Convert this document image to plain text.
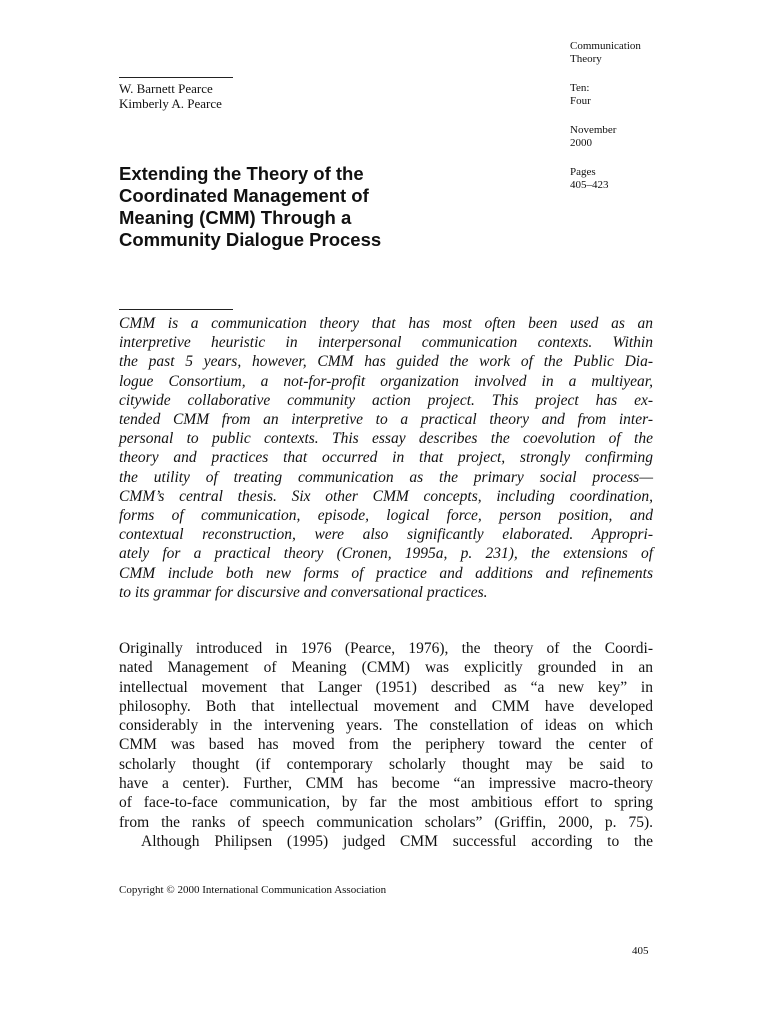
Communication
Theory
Ten:
Four
November
2000
Pages
405–423
W. Barnett Pearce
Kimberly A. Pearce
Extending the Theory of the
Coordinated Management of
Meaning (CMM) Through a
Community Dialogue Process
CMM is a communication theory that has most often been used as an
interpretive heuristic in interpersonal communication contexts. Within
the past 5 years, however, CMM has guided the work of the Public Dia-
logue Consortium, a not-for-profit organization involved in a multiyear,
citywide collaborative community action project. This project has ex-
tended CMM from an interpretive to a practical theory and from inter-
personal to public contexts. This essay describes the coevolution of the
theory and practices that occurred in that project, strongly confirming
the utility of treating communication as the primary social process—
CMM’s central thesis. Six other CMM concepts, including coordination,
forms of communication, episode, logical force, person position, and
contextual reconstruction, were also significantly elaborated. Appropri-
ately for a practical theory (Cronen, 1995a, p. 231), the extensions of
CMM include both new forms of practice and additions and refinements
to its grammar for discursive and conversational practices.
Originally introduced in 1976 (Pearce, 1976), the theory of the Coordi-
nated Management of Meaning (CMM) was explicitly grounded in an
intellectual movement that Langer (1951) described as “a new key” in
philosophy. Both that intellectual movement and CMM have developed
considerably in the intervening years. The constellation of ideas on which
CMM was based has moved from the periphery toward the center of
scholarly thought (if contemporary scholarly thought may be said to
have a center). Further, CMM has become “an impressive macro-theory
of face-to-face communication, by far the most ambitious effort to spring
from the ranks of speech communication scholars” (Griffin, 2000, p. 75).
Although Philipsen (1995) judged CMM successful according to the
Copyright © 2000 International Communication Association
405
